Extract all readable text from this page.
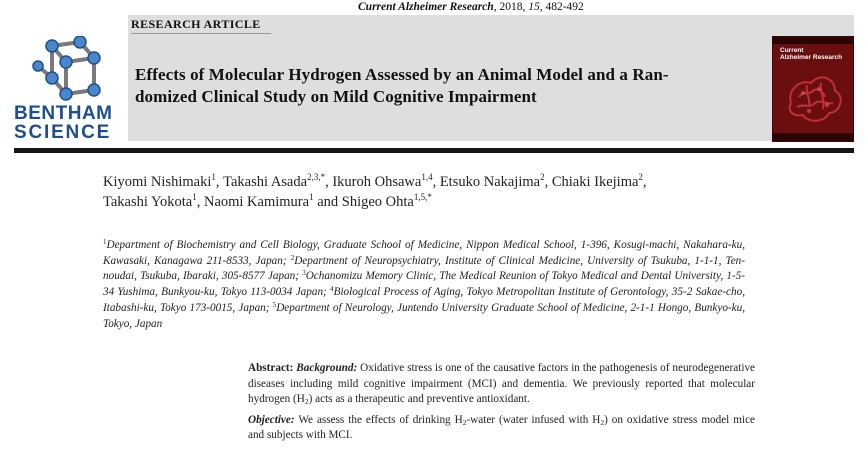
Current Alzheimer Research, 2018, 15, 482-492
RESEARCH ARTICLE
Effects of Molecular Hydrogen Assessed by an Animal Model and a Ran-
domized Clinical Study on Mild Cognitive Impairment
BENTHAM
SCIENCE
Current
Alzheimer Research
Kiyomi Nishimaki$^1$, Takashi Asada$^{2,3,*}$, Ikuroh Ohsawa$^{1,4}$, Etsuko Nakajima$^2$, Chiaki Ikejima$^2$,
Takashi Yokota$^1$, Naomi Kamimura$^1$ and Shigeo Ohta$^{1,5,*}$
$^1$Department of Biochemistry and Cell Biology, Graduate School of Medicine, Nippon Medical School, 1-396, Kosugi-machi, Nakahara-ku, Kawasaki, Kanagawa 211-8533, Japan; $^2$Department of Neuropsychiatry, Institute of Clinical Medicine, University of Tsukuba, 1-1-1, Ten-noudai, Tsukuba, Ibaraki, 305-8577 Japan; $^3$Ochanomizu Memory Clinic, The Medical Reunion of Tokyo Medical and Dental University, 1-5-34 Yushima, Bunkyou-ku, Tokyo 113-0034 Japan; $^4$Biological Process of Aging, Tokyo Metropolitan Institute of Gerontology, 35-2 Sakae-cho, Itabashi-ku, Tokyo 173-0015, Japan; $^5$Department of Neurology, Juntendo University Graduate School of Medicine, 2-1-1 Hongo, Bunkyo-ku, Tokyo, Japan

Abstract: Background: Oxidative stress is one of the causative factors in the pathogenesis of neurodegenerative diseases including mild cognitive impairment (MCI) and dementia. We previously reported that molecular hydrogen $(H_2)$ acts as a therapeutic and preventive antioxidant.

Objective: We assess the effects of drinking $H_2$-water (water infused with $H_2$) on oxidative stress model mice and subjects with MCI.
